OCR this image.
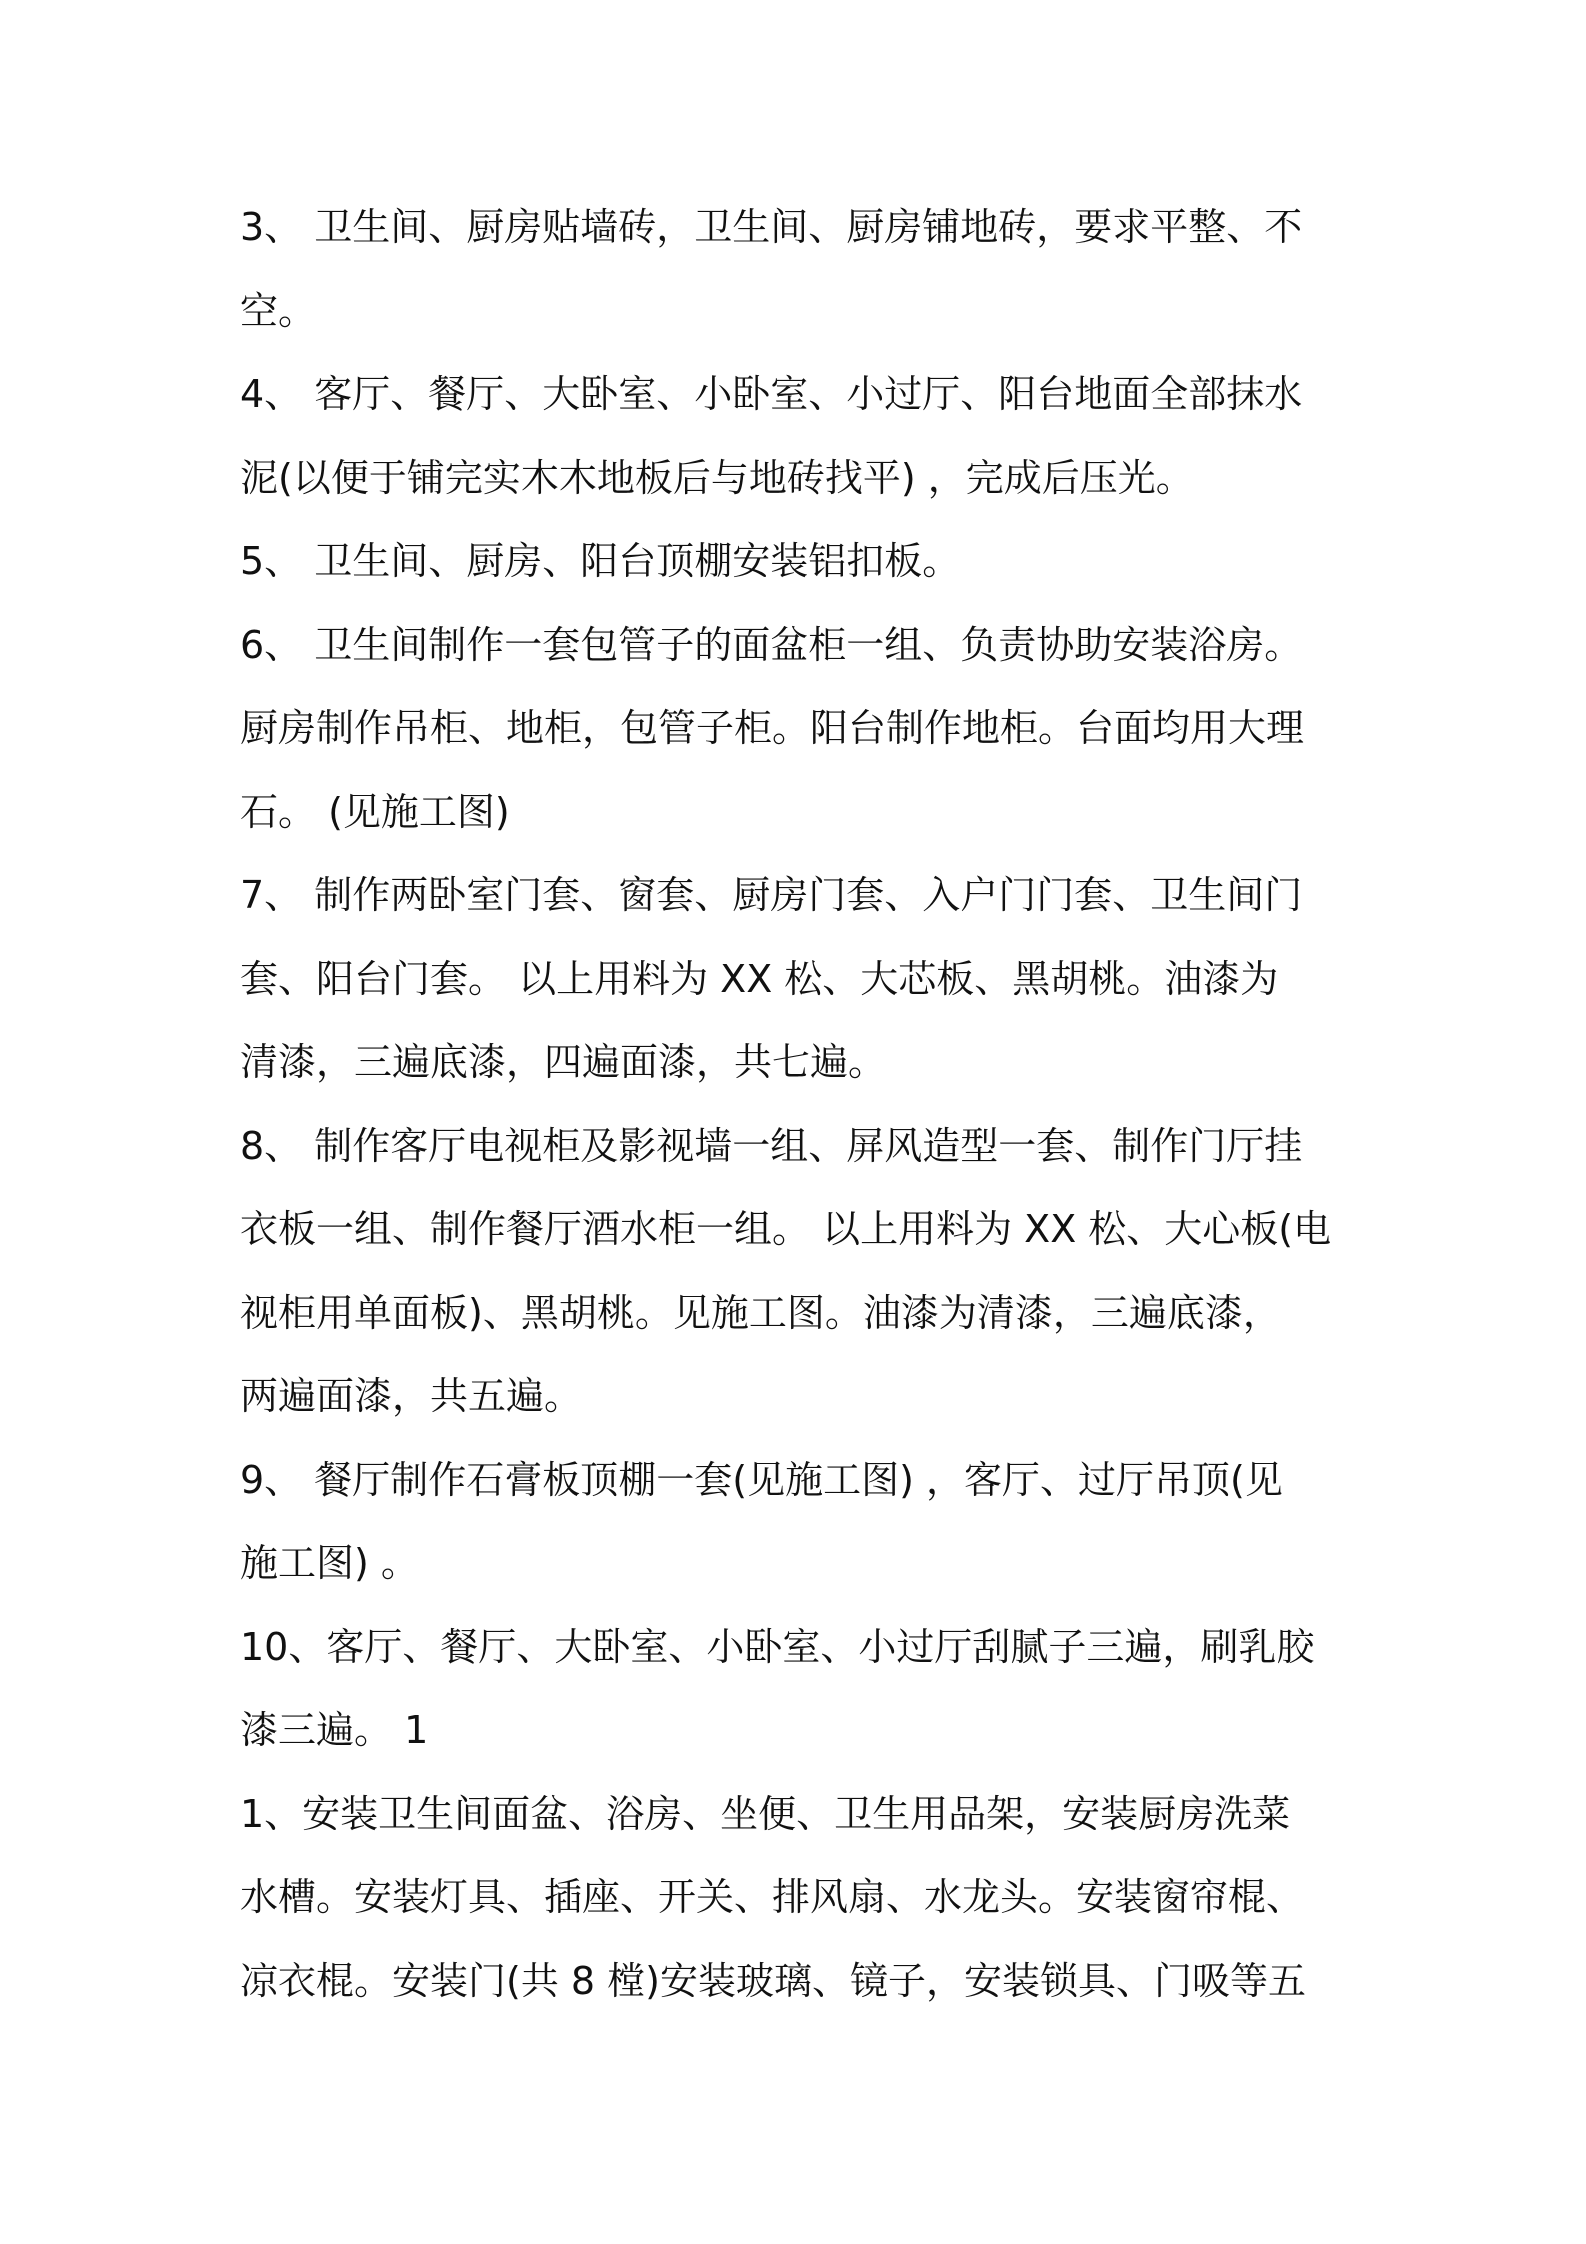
3、 卫生间、厨房贴墙砖，卫生间、厨房铺地砖，要求平整、不
空。
4、 客厅、餐厅、大卧室、小卧室、小过厅、阳台地面全部抹水
泥(以便于铺完实木木地板后与地砖找平) ，完成后压光。
5、 卫生间、厨房、阳台顶棚安装铝扣板。
6、 卫生间制作一套包管子的面盆柜一组、负责协助安装浴房。
厨房制作吊柜、地柜，包管子柜。阳台制作地柜。台面均用大理
石。 (见施工图)
7、 制作两卧室门套、窗套、厨房门套、入户门门套、卫生间门
套、阳台门套。 以上用料为 XX 松、大芯板、黑胡桃。油漆为
清漆，三遍底漆，四遍面漆，共七遍。
8、 制作客厅电视柜及影视墙一组、屏风造型一套、制作门厅挂
衣板一组、制作餐厅酒水柜一组。 以上用料为 XX 松、大心板(电
视柜用单面板)、黑胡桃。见施工图。油漆为清漆，三遍底漆，
两遍面漆，共五遍。
9、 餐厅制作石膏板顶棚一套(见施工图) ，客厅、过厅吊顶(见
施工图) 。
10、客厅、餐厅、大卧室、小卧室、小过厅刮腻子三遍，刷乳胶
漆三遍。 1
1、安装卫生间面盆、浴房、坐便、卫生用品架，安装厨房洗菜
水槽。安装灯具、插座、开关、排风扇、水龙头。安装窗帘棍、
凉衣棍。安装门(共 8 樘)安装玻璃、镜子，安装锁具、门吸等五
